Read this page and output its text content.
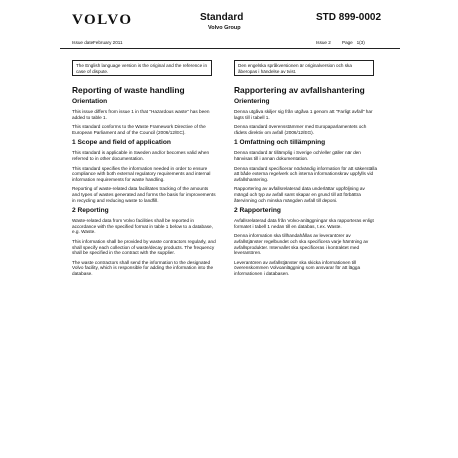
VOLVO	Standard
Volvo Group
STD 899-0002
Issue date February 2011	Issue 2 Page 1(3)
The English language version is the original and the reference in case of dispute.
Den engelska språkversionen är originalversion och ska åberopas i händelse av tvist.
Reporting of waste handling
Orientation

This issue differs from issue 1 in that "Hazardous waste" has been added to table 1.

This standard conforms to the Waste Framework Directive of the European Parliament and of the Council (2006/12/EC).

1 Scope and field of application

This standard is applicable in Sweden and/or becomes valid when referred to in other documentation.

This standard specifies the information needed in order to ensure compliance with both external regulatory requirements and internal information requirements for waste handling.

Reporting of waste-related data facilitates tracking of the amounts and types of wastes generated and forms the basis for improvements in recycling and reducing waste to landfill.

2 Reporting

Waste-related data from Volvo facilities shall be reported in accordance with the specified format in table 1 below to a database, e.g. Waste.

This information shall be provided by waste contractors regularly, and shall specify each collection of waste/decay products. The frequency shall be specified in the contract with the supplier.

The waste contractors shall send the information to the designated Volvo facility, which is responsible for adding the information into the database.

Rapportering av avfallshantering
Orientering

Denna utgåva skiljer sig från utgåva 1 genom att "Farligt avfall" har lagts till i tabell 1.

Denna standard överensstämmer med Europaparlamentets och rådets direktiv om avfall (2006/12/EG).

1 Omfattning och tillämpning

Denna standard är tillämplig i Sverige och/eller gäller när den hänvisas till i annan dokumentation.

Denna standard specificerar nödvändig information för att säkerställa att både externa regelverk och interna informationskrav uppfylls vid avfallshantering.

Rapportering av avfallsrelaterad data underlättar uppföljning av mängd och typ av avfall samt skapar en grund till att förbättra återvinning och minska mängden avfall till deponi.

2 Rapportering

Avfallsrelaterad data från Volvo-anläggningar ska rapporteras enligt formatet i tabell 1 nedan till en databas, t.ex. Waste.

Denna information ska tillhandahållas av leverantörer av avfallstjänster regelbundet och ska specificera varje hämtning av avfallsprodukter. Intervallet ska specificeras i kontraktet med leverantören.

Leverantören av avfallstjänster ska skicka informationen till överenskommen Volvoanläggning som ansvarar för att lägga informationen i databasen.
